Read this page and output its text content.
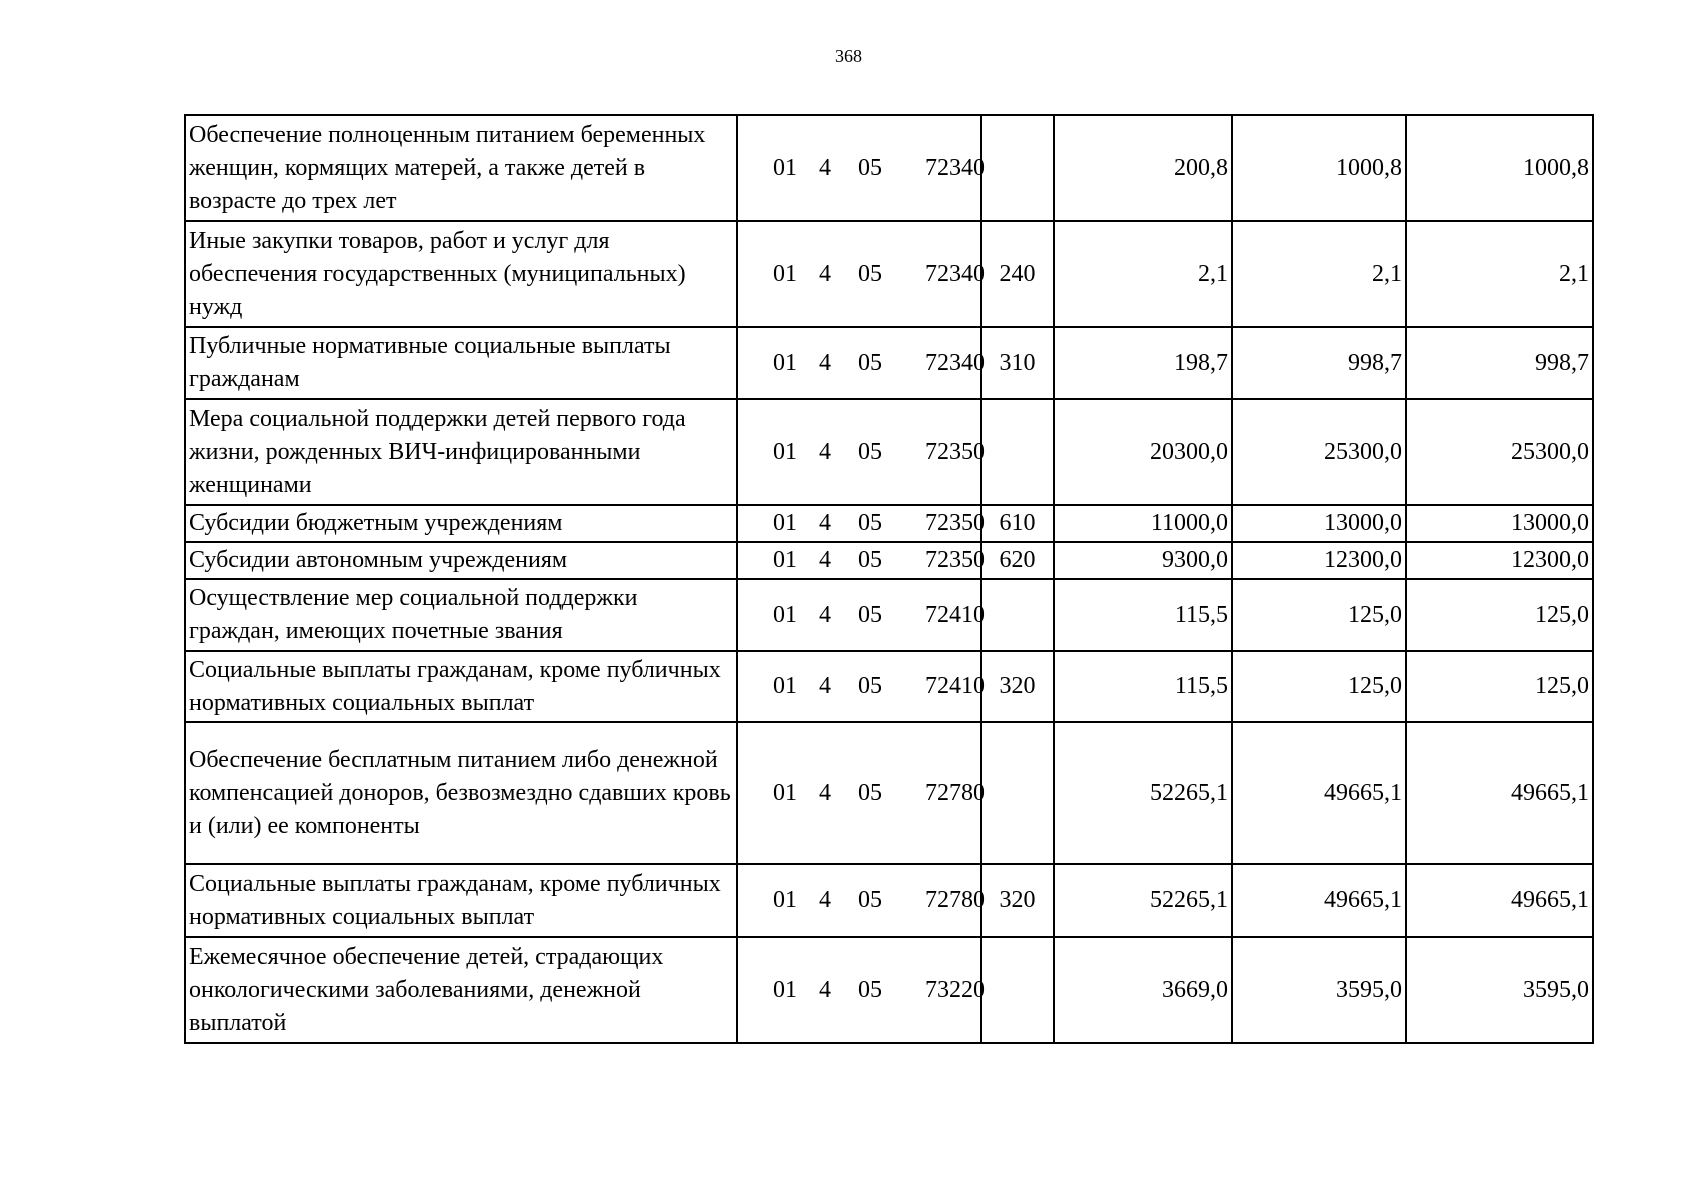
368
Обеспечение полноценным питанием беременных женщин, кормящих матерей, а также детей в возрасте до трех лет	01 4 05 72340		200,8	1000,8	1000,8
Иные закупки товаров, работ и услуг для обеспечения государственных (муниципальных) нужд	01 4 05 72340	240	2,1	2,1	2,1
Публичные нормативные социальные выплаты гражданам	01 4 05 72340	310	198,7	998,7	998,7
Мера социальной поддержки детей первого года жизни, рожденных ВИЧ-инфицированными женщинами	01 4 05 72350		20300,0	25300,0	25300,0
Субсидии бюджетным учреждениям	01 4 05 72350	610	11000,0	13000,0	13000,0
Субсидии автономным учреждениям	01 4 05 72350	620	9300,0	12300,0	12300,0
Осуществление мер социальной поддержки граждан, имеющих почетные звания	01 4 05 72410		115,5	125,0	125,0
Социальные выплаты гражданам, кроме публичных нормативных социальных выплат	01 4 05 72410	320	115,5	125,0	125,0
Обеспечение бесплатным питанием либо денежной компенсацией доноров, безвозмездно сдавших кровь и (или) ее компоненты	01 4 05 72780		52265,1	49665,1	49665,1
Социальные выплаты гражданам, кроме публичных нормативных социальных выплат	01 4 05 72780	320	52265,1	49665,1	49665,1
Ежемесячное обеспечение детей, страдающих онкологическими заболеваниями, денежной выплатой	01 4 05 73220		3669,0	3595,0	3595,0
